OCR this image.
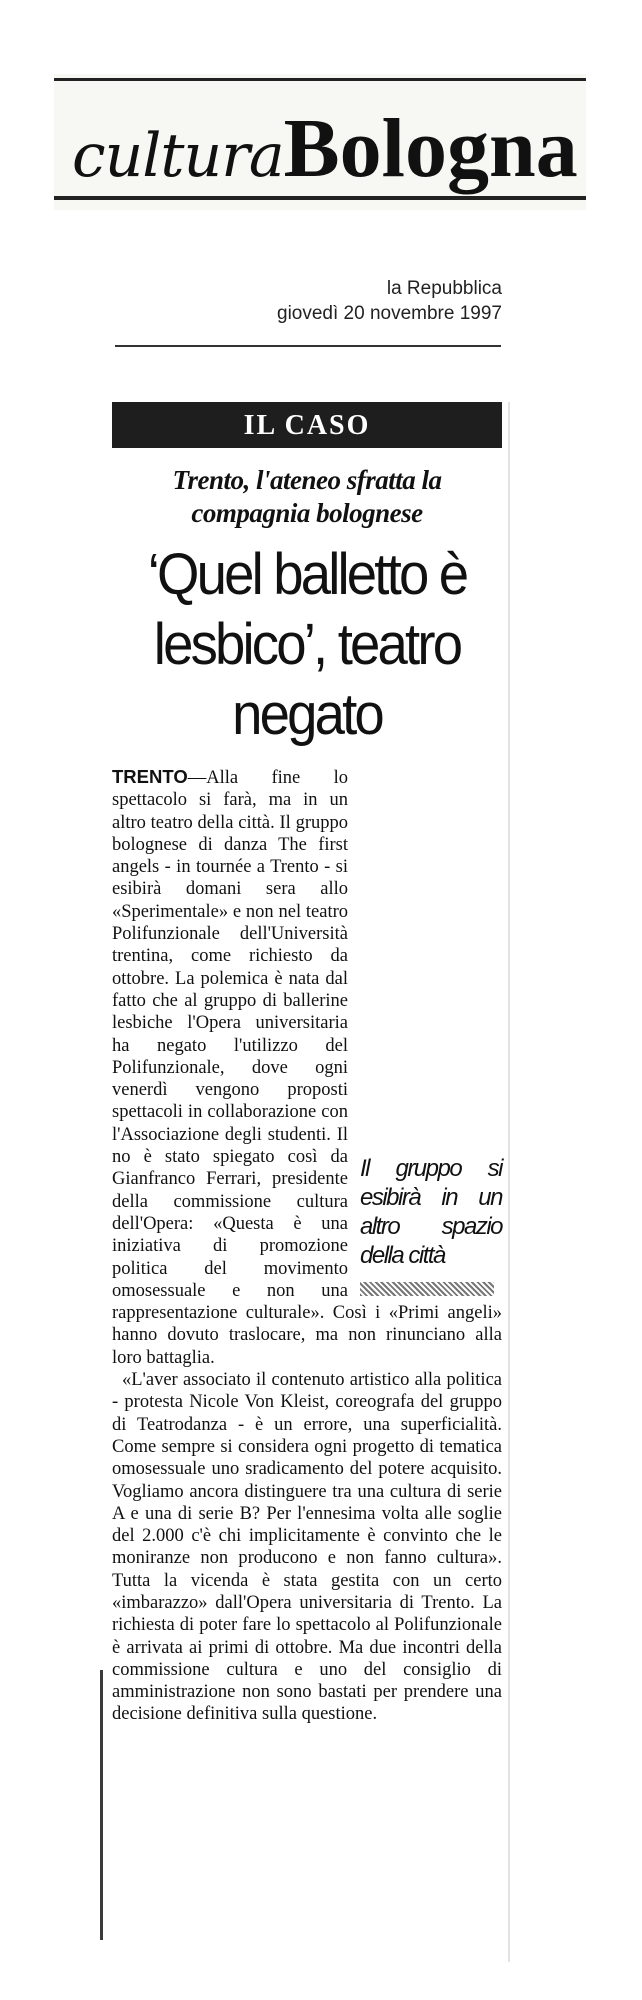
culturaBologna
la Repubblica
giovedì 20 novembre 1997
IL CASO
Trento, l'ateneo sfratta la compagnia bolognese
‘Quel balletto è lesbico’, teatro negato
Il gruppo si esibirà in un altro spazio della città

TRENTO—Alla fine lo spettacolo si farà, ma in un altro teatro della città. Il gruppo bolognese di danza The first angels - in tournée a Trento - si esibirà domani sera allo «Sperimentale» e non nel teatro Polifunzionale dell'Università trentina, come richiesto da ottobre. La polemica è nata dal fatto che al gruppo di ballerine lesbiche l'Opera universitaria ha negato l'utilizzo del Polifunzionale, dove ogni venerdì vengono proposti spettacoli in collaborazione con l'Associazione degli studenti. Il no è stato spiegato così da Gianfranco Ferrari, presidente della commissione cultura dell'Opera: «Questa è una iniziativa di promozione politica del movimento omosessuale e non una rappresentazione culturale». Così i «Primi angeli» hanno dovuto traslocare, ma non rinunciano alla loro battaglia.

«L'aver associato il contenuto artistico alla politica - protesta Nicole Von Kleist, coreografa del gruppo di Teatrodanza - è un errore, una superficialità. Come sempre si considera ogni progetto di tematica omosessuale uno sradicamento del potere acquisito. Vogliamo ancora distinguere tra una cultura di serie A e una di serie B? Per l'ennesima volta alle soglie del 2.000 c'è chi implicitamente è convinto che le moniranze non producono e non fanno cultura». Tutta la vicenda è stata gestita con un certo «imbarazzo» dall'Opera universitaria di Trento. La richiesta di poter fare lo spettacolo al Polifunzionale è arrivata ai primi di ottobre. Ma due incontri della commissione cultura e uno del consiglio di amministrazione non sono bastati per prendere una decisione definitiva sulla questione.
